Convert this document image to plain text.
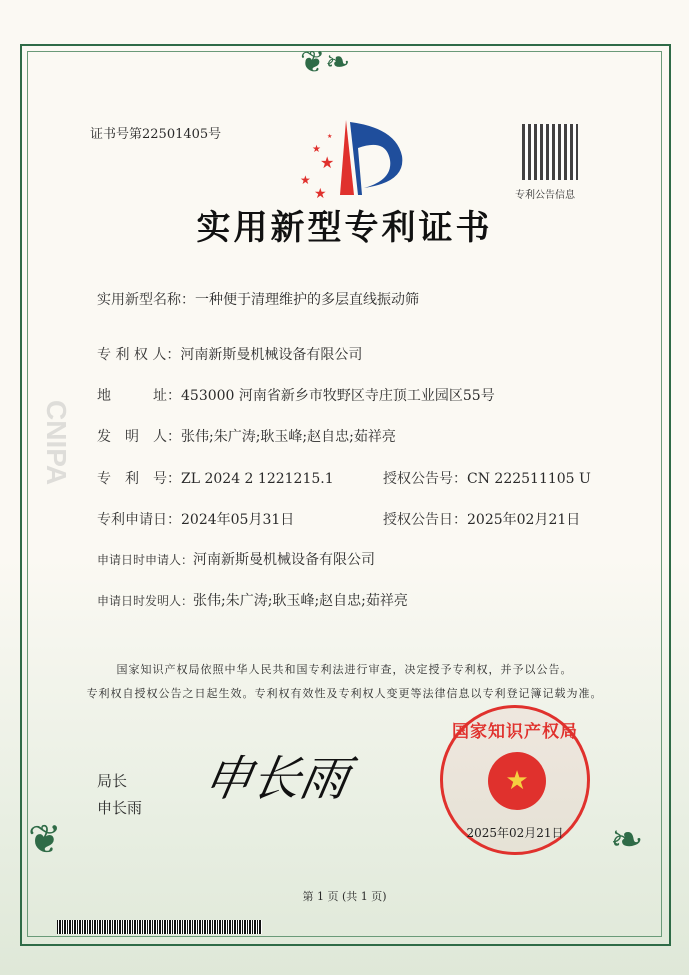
❦❧
❦	❧
CNIPA
证书号第22501405号
★
★
★
★
★
专利公告信息
实用新型专利证书
实用新型名称：一种便于清理维护的多层直线振动筛
专 利 权 人：河南新斯曼机械设备有限公司
地　　　址：453000 河南省新乡市牧野区寺庄顶工业园区55号
发　明　人：张伟;朱广涛;耿玉峰;赵自忠;茹祥亮
专　利　号：ZL 2024 2 1221215.1	授权公告号：CN 222511105 U
专利申请日：2024年05月31日	授权公告日：2025年02月21日
申请日时申请人：河南新斯曼机械设备有限公司
申请日时发明人：张伟;朱广涛;耿玉峰;赵自忠;茹祥亮
国家知识产权局依照中华人民共和国专利法进行审查，决定授予专利权，并予以公告。
专利权自授权公告之日起生效。专利权有效性及专利权人变更等法律信息以专利登记簿记载为准。
局长
申长雨
申长雨
国家知识产权局
★
2025年02月21日
第 1 页 (共 1 页)
